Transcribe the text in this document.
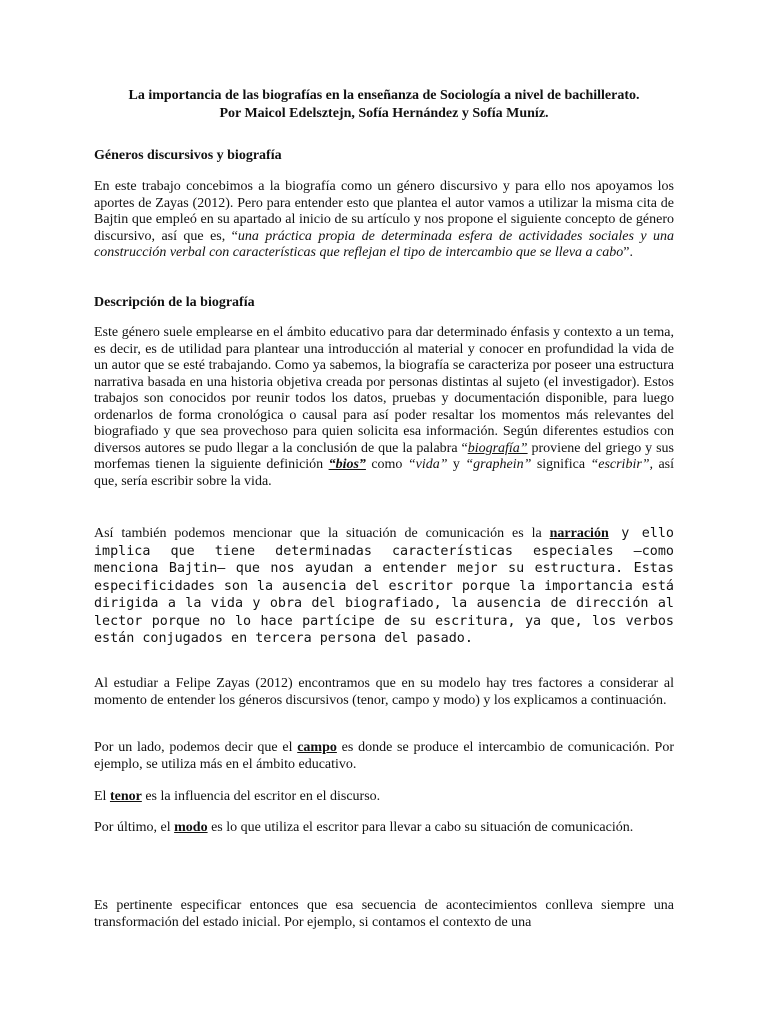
La importancia de las biografías en la enseñanza de Sociología a nivel de bachillerato.
Por Maicol Edelsztejn, Sofía Hernández y Sofía Muníz.
Géneros discursivos y biografía

En este trabajo concebimos a la biografía como un género discursivo y para ello nos apoyamos los aportes de Zayas (2012). Pero para entender esto que plantea el autor vamos a utilizar la misma cita de Bajtin que empleó en su apartado al inicio de su artículo y nos propone el siguiente concepto de género discursivo, así que es, “una práctica propia de determinada esfera de actividades sociales y una construcción verbal con características que reflejan el tipo de intercambio que se lleva a cabo”.

Descripción de la biografía

Este género suele emplearse en el ámbito educativo para dar determinado énfasis y contexto a un tema, es decir, es de utilidad para plantear una introducción al material y conocer en profundidad la vida de un autor que se esté trabajando. Como ya sabemos, la biografía se caracteriza por poseer una estructura narrativa basada en una historia objetiva creada por personas distintas al sujeto (el investigador). Estos trabajos son conocidos por reunir todos los datos, pruebas y documentación disponible, para luego ordenarlos de forma cronológica o causal para así poder resaltar los momentos más relevantes del biografiado y que sea provechoso para quien solicita esa información. Según diferentes estudios con diversos autores se pudo llegar a la conclusión de que la palabra “biografía” proviene del griego y sus morfemas tienen la siguiente definición “bios” como “vida” y “graphein” significa “escribir”, así que, sería escribir sobre la vida.

Así también podemos mencionar que la situación de comunicación es la narración y ello implica que tiene determinadas características especiales –como menciona Bajtin– que nos ayudan a entender mejor su estructura. Estas especificidades son la ausencia del escritor porque la importancia está dirigida a la vida y obra del biografiado, la ausencia de dirección al lector porque no lo hace partícipe de su escritura, ya que, los verbos están conjugados en tercera persona del pasado.

Al estudiar a Felipe Zayas (2012) encontramos que en su modelo hay tres factores a considerar al momento de entender los géneros discursivos (tenor, campo y modo) y los explicamos a continuación.

Por un lado, podemos decir que el campo es donde se produce el intercambio de comunicación. Por ejemplo, se utiliza más en el ámbito educativo.

El tenor es la influencia del escritor en el discurso.

Por último, el modo es lo que utiliza el escritor para llevar a cabo su situación de comunicación.

Es pertinente especificar entonces que esa secuencia de acontecimientos conlleva siempre una transformación del estado inicial. Por ejemplo, si contamos el contexto de una
